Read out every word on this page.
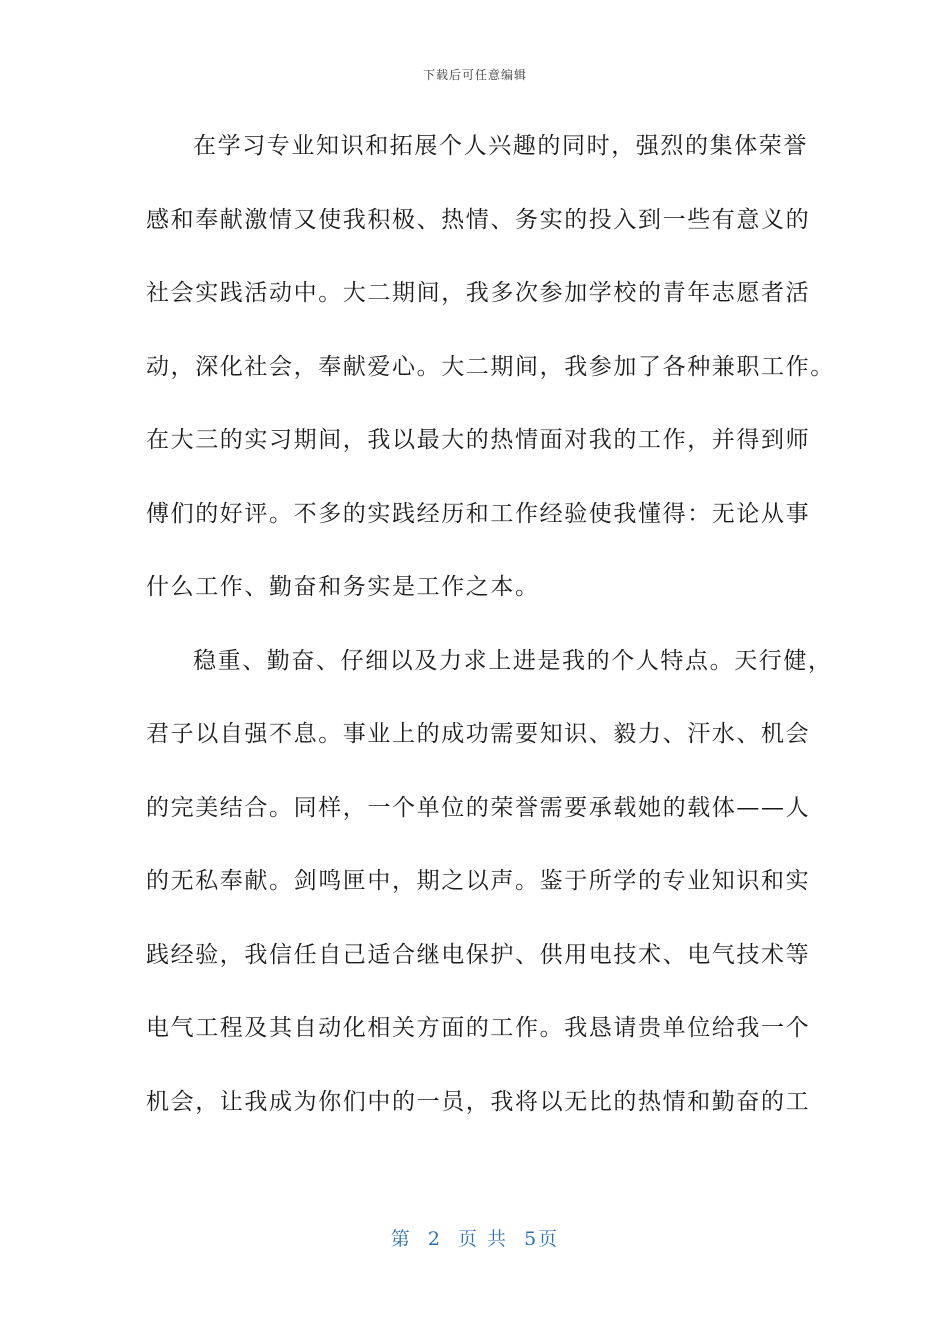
下载后可任意编辑
在学习专业知识和拓展个人兴趣的同时，强烈的集体荣誉
感和奉献激情又使我积极、热情、务实的投入到一些有意义的
社会实践活动中。大二期间，我多次参加学校的青年志愿者活
动，深化社会，奉献爱心。大二期间，我参加了各种兼职工作。
在大三的实习期间，我以最大的热情面对我的工作，并得到师
傅们的好评。不多的实践经历和工作经验使我懂得：无论从事
什么工作、勤奋和务实是工作之本。
稳重、勤奋、仔细以及力求上进是我的个人特点。天行健，
君子以自强不息。事业上的成功需要知识、毅力、汗水、机会
的完美结合。同样，一个单位的荣誉需要承载她的载体——人
的无私奉献。剑鸣匣中，期之以声。鉴于所学的专业知识和实
践经验，我信任自己适合继电保护、供用电技术、电气技术等
电气工程及其自动化相关方面的工作。我恳请贵单位给我一个
机会，让我成为你们中的一员，我将以无比的热情和勤奋的工
第 2 页 共 5页
